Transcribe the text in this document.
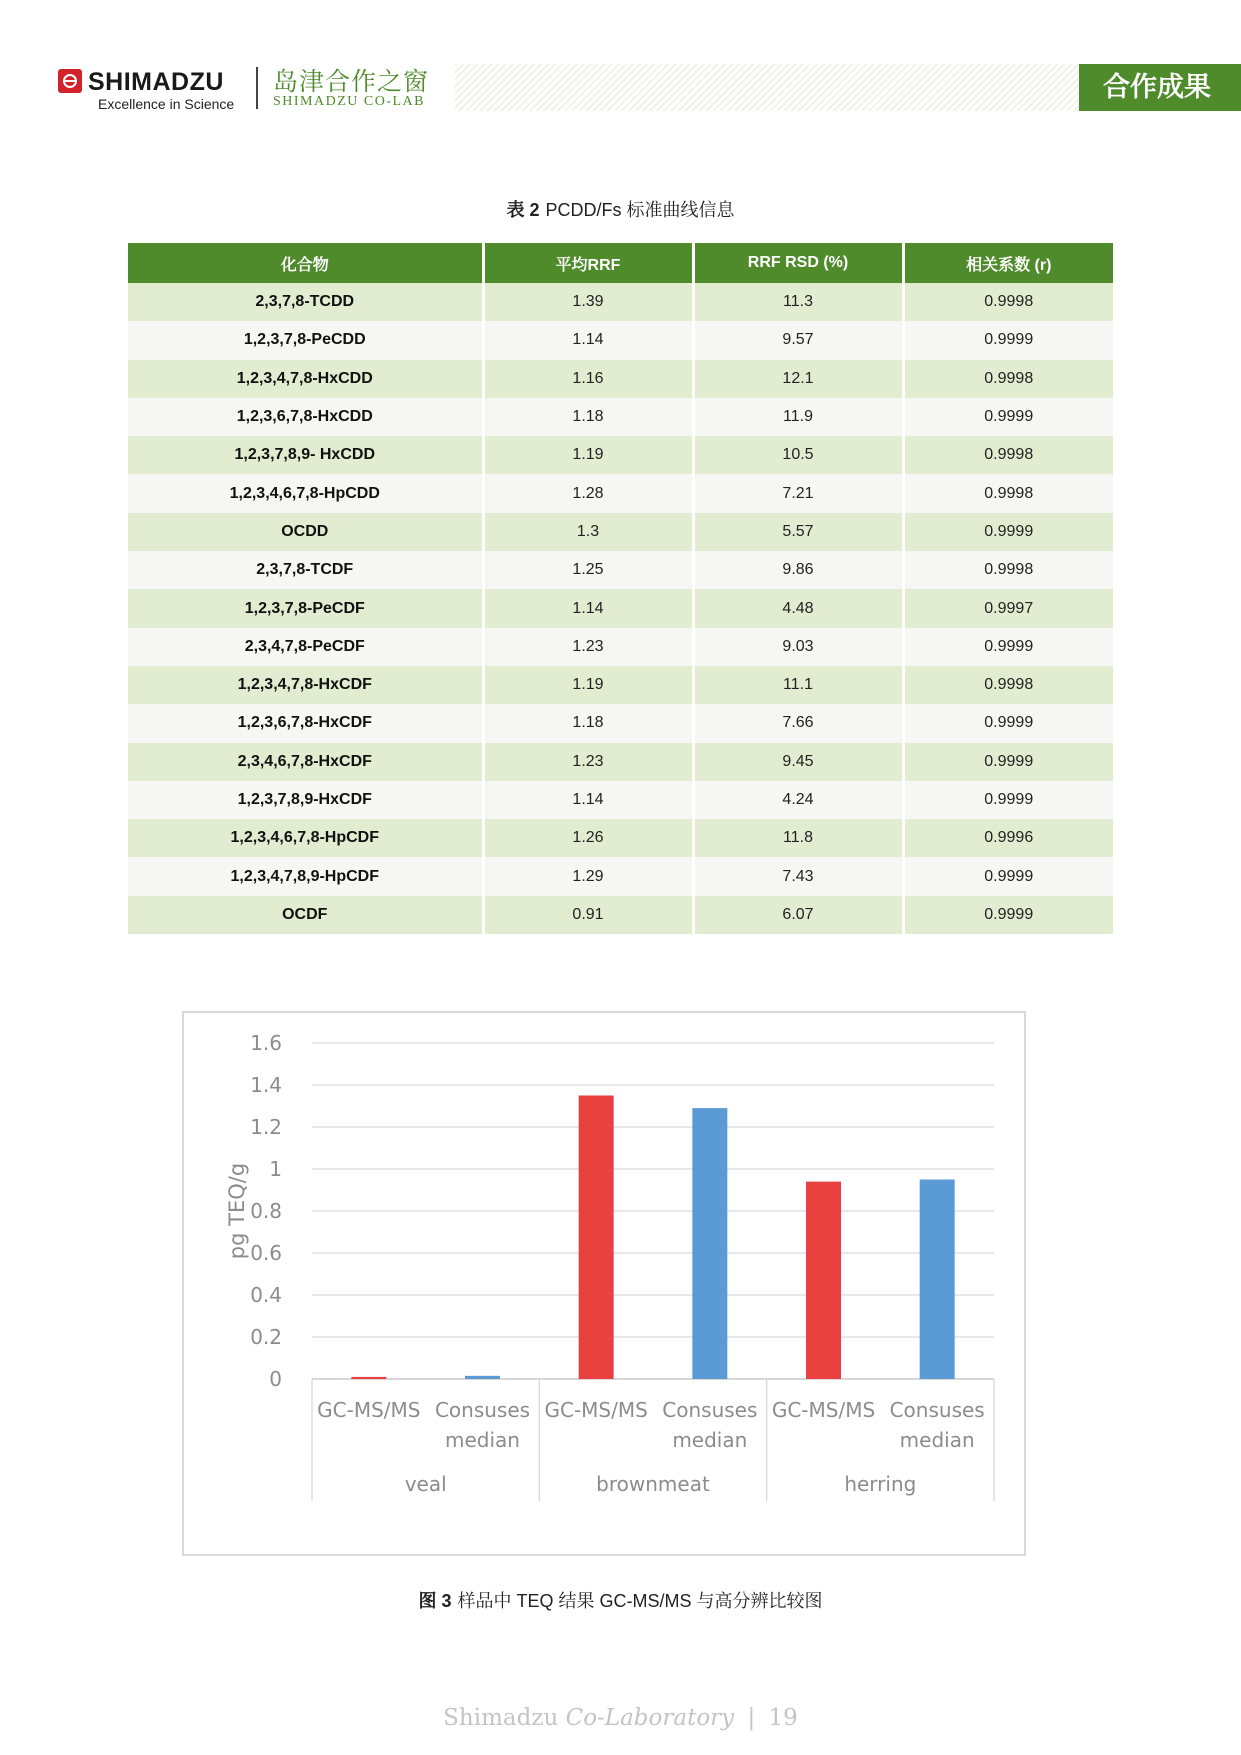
SHIMADZU
Excellence in Science
岛津合作之窗
SHIMADZU CO-LAB	合作成果
表 2 PCDD/Fs 标准曲线信息
化合物	平均RRF	RRF RSD (%)	相关系数 (r)
2,3,7,8-TCDD	1.39	11.3	0.9998
1,2,3,7,8-PeCDD	1.14	9.57	0.9999
1,2,3,4,7,8-HxCDD	1.16	12.1	0.9998
1,2,3,6,7,8-HxCDD	1.18	11.9	0.9999
1,2,3,7,8,9- HxCDD	1.19	10.5	0.9998
1,2,3,4,6,7,8-HpCDD	1.28	7.21	0.9998
OCDD	1.3	5.57	0.9999
2,3,7,8-TCDF	1.25	9.86	0.9998
1,2,3,7,8-PeCDF	1.14	4.48	0.9997
2,3,4,7,8-PeCDF	1.23	9.03	0.9999
1,2,3,4,7,8-HxCDF	1.19	11.1	0.9998
1,2,3,6,7,8-HxCDF	1.18	7.66	0.9999
2,3,4,6,7,8-HxCDF	1.23	9.45	0.9999
1,2,3,7,8,9-HxCDF	1.14	4.24	0.9999
1,2,3,4,6,7,8-HpCDF	1.26	11.8	0.9996
1,2,3,4,7,8,9-HpCDF	1.29	7.43	0.9999
OCDF	0.91	6.07	0.9999
0
0.2
0.4
0.6
0.8
1
1.2
1.4
1.6
pg TEQ/g
GC-MS/MS Consuses
median
veal
GC-MS/MS Consuses
median
brownmeat
GC-MS/MS Consuses
median
herring
图 3 样品中 TEQ 结果 GC-MS/MS 与高分辨比较图
Shimadzu Co-Laboratory | 19
